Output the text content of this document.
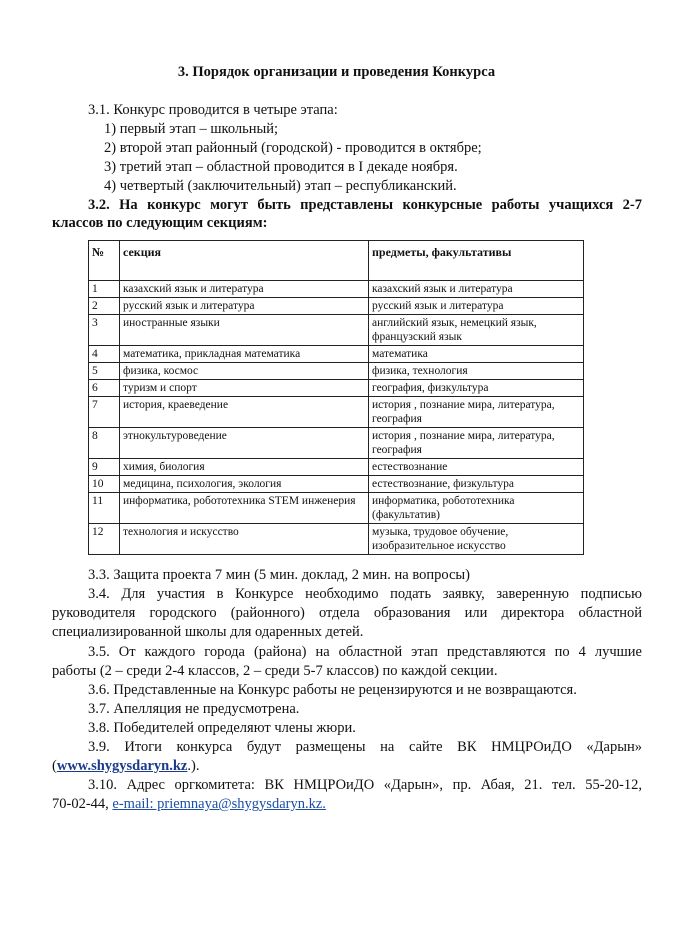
3. Порядок организации и проведения Конкурса
3.1. Конкурс проводится в четыре этапа:
1) первый этап – школьный;
2) второй этап районный (городской) - проводится в октябре;
3) третий этап – областной проводится в I декаде ноября.
4) четвертый (заключительный) этап – республиканский.
3.2. На конкурс могут быть представлены конкурсные работы учащихся 2-7
классов по следующим секциям:
№	секция	предметы, факультативы
1	казахский язык и литература	казахский язык и литература
2	русский язык и литература	русский язык и литература
3	иностранные языки	английский язык, немецкий язык, французский язык
4	математика, прикладная математика	математика
5	физика, космос	физика, технология
6	туризм и спорт	география, физкультура
7	история, краеведение	история , познание мира, литература, география
8	этнокультуроведение	история , познание мира, литература, география
9	химия, биология	естествознание
10	медицина, психология, экология	естествознание, физкультура
11	информатика, робототехника STEM инженерия	информатика, робототехника (факультатив)
12	технология и искусство	музыка, трудовое обучение, изобразительное искусство
3.3. Защита проекта 7 мин (5 мин. доклад, 2 мин. на вопросы)
3.4. Для участия в Конкурсе необходимо подать заявку, заверенную подписью
руководителя городского (районного) отдела образования или директора областной
специализированной школы для одаренных детей.
3.5. От каждого города (района) на областной этап представляются по 4 лучшие
работы (2 – среди 2-4 классов, 2 – среди 5-7 классов) по каждой секции.
3.6. Представленные на Конкурс работы не рецензируются и не возвращаются.
3.7. Апелляция не предусмотрена.
3.8. Победителей определяют члены жюри.
3.9. Итоги конкурса будут размещены на сайте ВК НМЦРОиДО «Дарын»
(www.shygysdaryn.kz.).
3.10. Адрес оргкомитета: ВК НМЦРОиДО «Дарын», пр. Абая, 21. тел. 55-20-12,
70-02-44, e-mail: priemnaya@shygysdaryn.kz.
